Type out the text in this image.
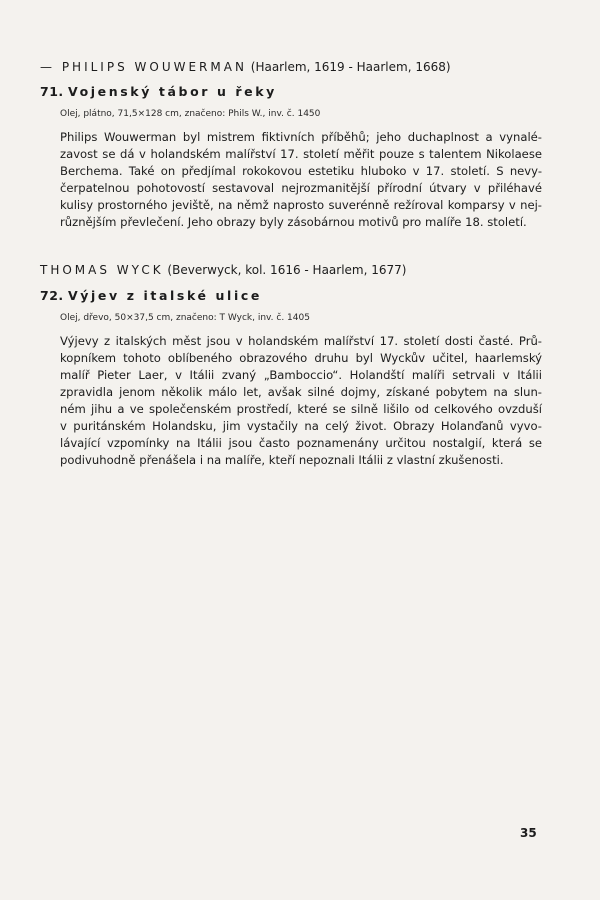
— PHILIPS WOUWERMAN (Haarlem, 1619 - Haarlem, 1668)
71. Vojenský tábor u řeky
Olej, plátno, 71,5×128 cm, značeno: Phils W., inv. č. 1450
Philips Wouwerman byl mistrem fiktivních příběhů; jeho duchaplnost a vynalé-
zavost se dá v holandském malířství 17. století měřit pouze s talentem Nikolaese
Berchema. Také on předjímal rokokovou estetiku hluboko v 17. století. S nevy-
čerpatelnou pohotovostí sestavoval nejrozmanitější přírodní útvary v přiléhavé
kulisy prostorného jeviště, na němž naprosto suverénně režíroval komparsy v nej-
různějším převlečení. Jeho obrazy byly zásobárnou motivů pro malíře 18. století.
THOMAS WYCK (Beverwyck, kol. 1616 - Haarlem, 1677)
72. Výjev z italské ulice
Olej, dřevo, 50×37,5 cm, značeno: T Wyck, inv. č. 1405
Výjevy z italských měst jsou v holandském malířství 17. století dosti časté. Prů-
kopníkem tohoto oblíbeného obrazového druhu byl Wyckův učitel, haarlemský
malíř Pieter Laer, v Itálii zvaný „Bamboccio“. Holandští malíři setrvali v Itálii
zpravidla jenom několik málo let, avšak silné dojmy, získané pobytem na slun-
ném jihu a ve společenském prostředí, které se silně lišilo od celkového ovzduší
v puritánském Holandsku, jim vystačily na celý život. Obrazy Holanďanů vyvo-
lávající vzpomínky na Itálii jsou často poznamenány určitou nostalgií, která se
podivuhodně přenášela i na malíře, kteří nepoznali Itálii z vlastní zkušenosti.
35
